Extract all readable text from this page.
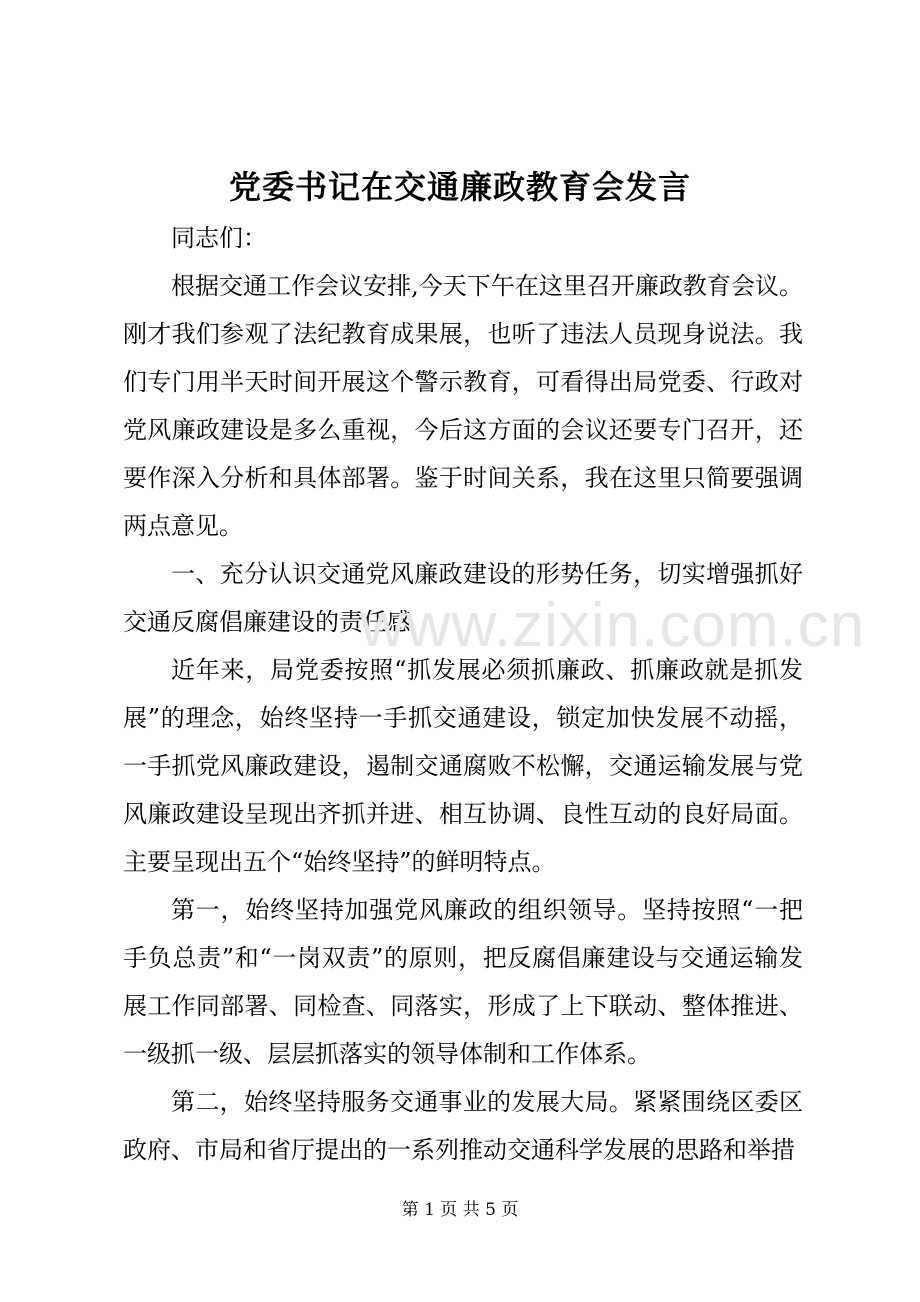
党委书记在交通廉政教育会发言

同志们：

根据交通工作会议安排,今天下午在这里召开廉政教育会议。刚才我们参观了法纪教育成果展，也听了违法人员现身说法。我们专门用半天时间开展这个警示教育，可看得出局党委、行政对党风廉政建设是多么重视，今后这方面的会议还要专门召开，还要作深入分析和具体部署。鉴于时间关系，我在这里只简要强调两点意见。

一、充分认识交通党风廉政建设的形势任务，切实增强抓好交通反腐倡廉建设的责任感

近年来，局党委按照“抓发展必须抓廉政、抓廉政就是抓发展”的理念，始终坚持一手抓交通建设，锁定加快发展不动摇，一手抓党风廉政建设，遏制交通腐败不松懈，交通运输发展与党风廉政建设呈现出齐抓并进、相互协调、良性互动的良好局面。主要呈现出五个“始终坚持”的鲜明特点。

第一，始终坚持加强党风廉政的组织领导。坚持按照“一把手负总责”和“一岗双责”的原则，把反腐倡廉建设与交通运输发展工作同部署、同检查、同落实，形成了上下联动、整体推进、一级抓一级、层层抓落实的领导体制和工作体系。

第二，始终坚持服务交通事业的发展大局。紧紧围绕区委区政府、市局和省厅提出的一系列推动交通科学发展的思路和举措

www.zixin.com.cn
第 1 页 共 5 页
